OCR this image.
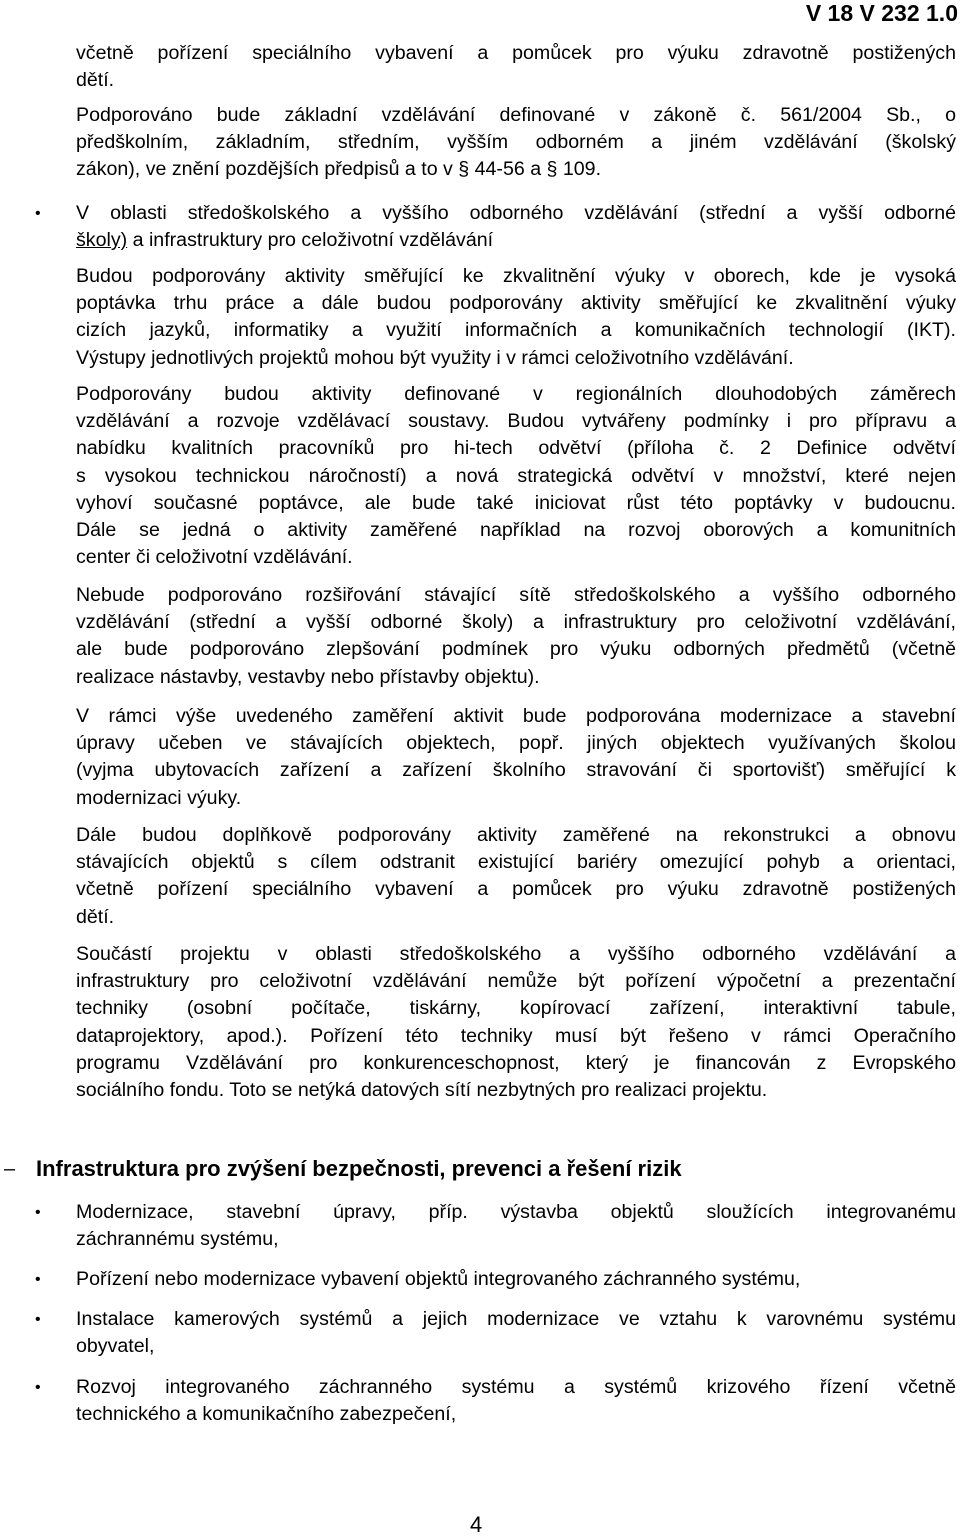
V 18 V 232 1.0
včetně pořízení speciálního vybavení a pomůcek pro výuku zdravotně postižených
dětí.
Podporováno bude základní vzdělávání definované v zákoně č. 561/2004 Sb., o
předškolním, základním, středním, vyšším odborném a jiném vzdělávání (školský
zákon), ve znění pozdějších předpisů a to v § 44-56 a § 109.
• V oblasti středoškolského a vyššího odborného vzdělávání (střední a vyšší odborné
školy) a infrastruktury pro celoživotní vzdělávání
Budou podporovány aktivity směřující ke zkvalitnění výuky v oborech, kde je vysoká
poptávka trhu práce a dále budou podporovány aktivity směřující ke zkvalitnění výuky
cizích jazyků, informatiky a využití informačních a komunikačních technologií (IKT).
Výstupy jednotlivých projektů mohou být využity i v rámci celoživotního vzdělávání.
Podporovány budou aktivity definované v regionálních dlouhodobých záměrech
vzdělávání a rozvoje vzdělávací soustavy. Budou vytvářeny podmínky i pro přípravu a
nabídku kvalitních pracovníků pro hi-tech odvětví (příloha č. 2 Definice odvětví
s vysokou technickou náročností) a nová strategická odvětví v množství, které nejen
vyhoví současné poptávce, ale bude také iniciovat růst této poptávky v budoucnu.
Dále se jedná o aktivity zaměřené například na rozvoj oborových a komunitních
center či celoživotní vzdělávání.
Nebude podporováno rozšiřování stávající sítě středoškolského a vyššího odborného
vzdělávání (střední a vyšší odborné školy) a infrastruktury pro celoživotní vzdělávání,
ale bude podporováno zlepšování podmínek pro výuku odborných předmětů (včetně
realizace nástavby, vestavby nebo přístavby objektu).
V rámci výše uvedeného zaměření aktivit bude podporována modernizace a stavební
úpravy učeben ve stávajících objektech, popř. jiných objektech využívaných školou
(vyjma ubytovacích zařízení a zařízení školního stravování či sportovišť) směřující k
modernizaci výuky.
Dále budou doplňkově podporovány aktivity zaměřené na rekonstrukci a obnovu
stávajících objektů s cílem odstranit existující bariéry omezující pohyb a orientaci,
včetně pořízení speciálního vybavení a pomůcek pro výuku zdravotně postižených
dětí.
Součástí projektu v oblasti středoškolského a vyššího odborného vzdělávání a
infrastruktury pro celoživotní vzdělávání nemůže být pořízení výpočetní a prezentační
techniky (osobní počítače, tiskárny, kopírovací zařízení, interaktivní tabule,
dataprojektory, apod.). Pořízení této techniky musí být řešeno v rámci Operačního
programu Vzdělávání pro konkurenceschopnost, který je financován z Evropského
sociálního fondu. Toto se netýká datových sítí nezbytných pro realizaci projektu.
– Infrastruktura pro zvýšení bezpečnosti, prevenci a řešení rizik
• Modernizace, stavební úpravy, příp. výstavba objektů sloužících integrovanému
záchrannému systému,
• Pořízení nebo modernizace vybavení objektů integrovaného záchranného systému,
• Instalace kamerových systémů a jejich modernizace ve vztahu k varovnému systému
obyvatel,
• Rozvoj integrovaného záchranného systému a systémů krizového řízení včetně
technického a komunikačního zabezpečení,
4
